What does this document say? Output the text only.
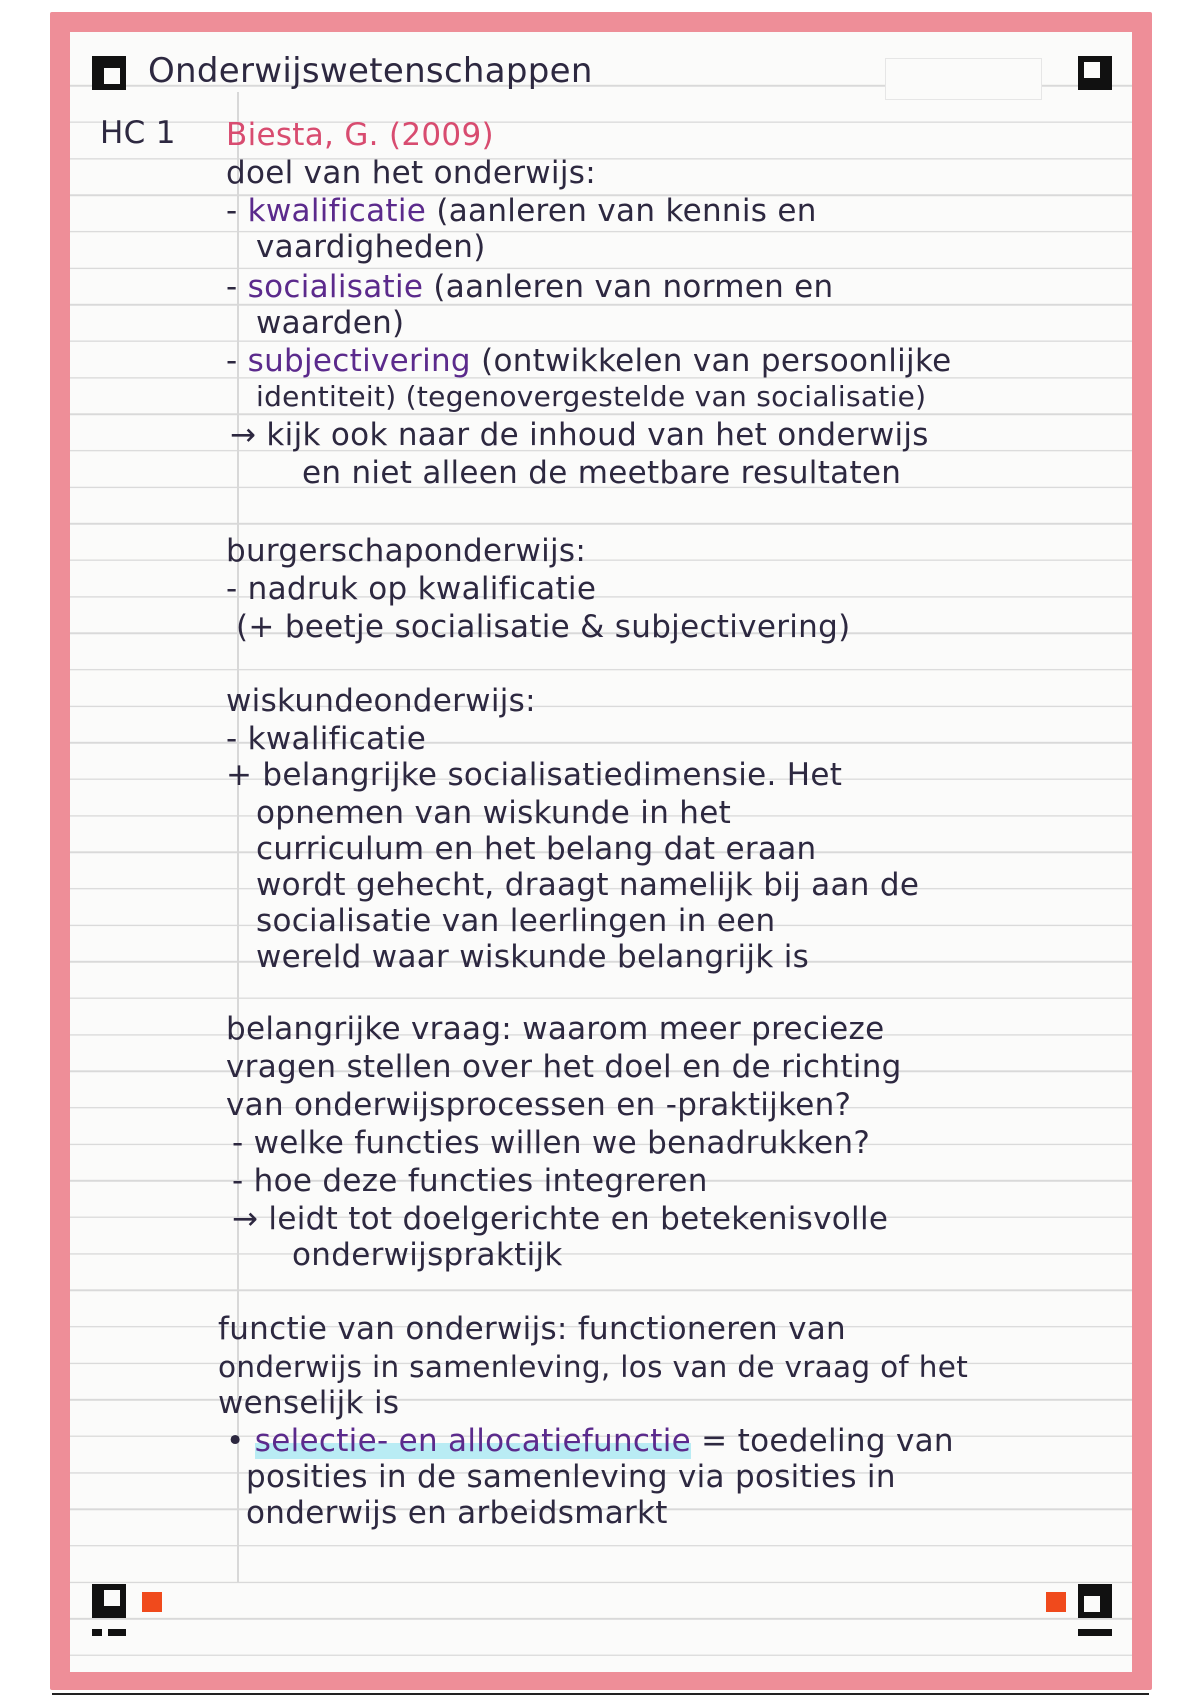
Onderwijswetenschappen
HC 1 Biesta, G. (2009)
doel van het onderwijs:
- kwalificatie (aanleren van kennis en
vaardigheden)
- socialisatie (aanleren van normen en
waarden)
- subjectivering (ontwikkelen van persoonlijke
identiteit) (tegenovergestelde van socialisatie)
→ kijk ook naar de inhoud van het onderwijs
en niet alleen de meetbare resultaten
burgerschaponderwijs:
- nadruk op kwalificatie
(+ beetje socialisatie & subjectivering)
wiskundeonderwijs:
- kwalificatie
+ belangrijke socialisatiedimensie. Het
opnemen van wiskunde in het
curriculum en het belang dat eraan
wordt gehecht, draagt namelijk bij aan de
socialisatie van leerlingen in een
wereld waar wiskunde belangrijk is
belangrijke vraag: waarom meer precieze
vragen stellen over het doel en de richting
van onderwijsprocessen en -praktijken?
- welke functies willen we benadrukken?
- hoe deze functies integreren
→ leidt tot doelgerichte en betekenisvolle
onderwijspraktijk
functie van onderwijs: functioneren van
onderwijs in samenleving, los van de vraag of het
wenselijk is
• selectie- en allocatiefunctie = toedeling van
posities in de samenleving via posities in
onderwijs en arbeidsmarkt
